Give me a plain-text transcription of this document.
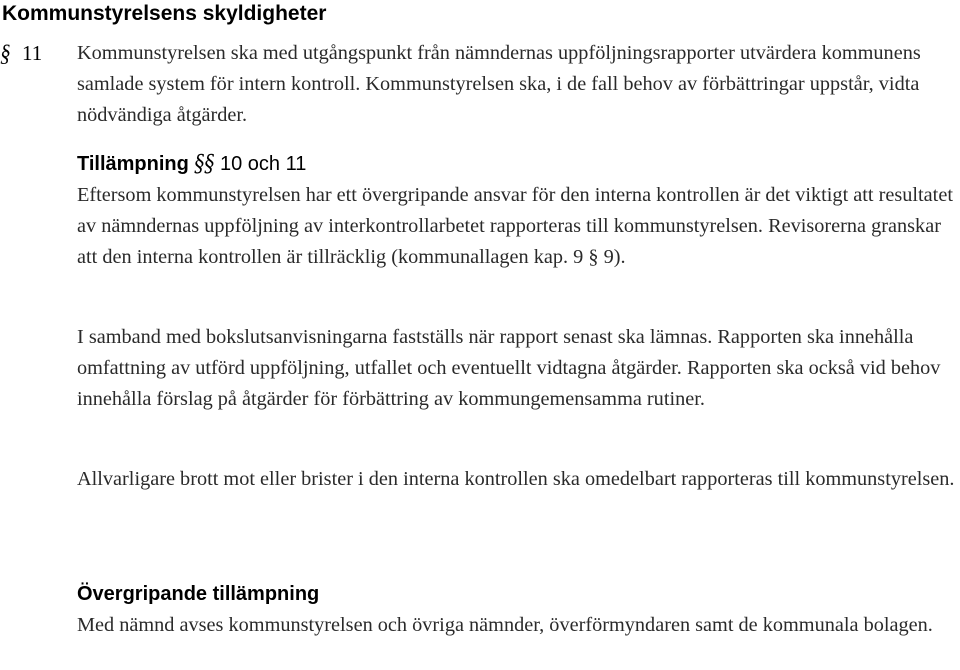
Kommunstyrelsens skyldigheter
§ 11 Kommunstyrelsen ska med utgångspunkt från nämndernas uppföljningsrapporter utvärdera kommunens samlade system för intern kontroll. Kommunstyrelsen ska, i de fall behov av förbättringar uppstår, vidta nödvändiga åtgärder.

Tillämpning §§ 10 och 11

Eftersom kommunstyrelsen har ett övergripande ansvar för den interna kontrollen är det viktigt att resultatet av nämndernas uppföljning av interkontrollarbetet rapporteras till kommunstyrelsen. Revisorerna granskar att den interna kontrollen är tillräcklig (kommunallagen kap. 9 § 9).

I samband med bokslutsanvisningarna fastställs när rapport senast ska lämnas. Rapporten ska innehålla omfattning av utförd uppföljning, utfallet och eventuellt vidtagna åtgärder. Rapporten ska också vid behov innehålla förslag på åtgärder för förbättring av kommungemensamma rutiner.

Allvarligare brott mot eller brister i den interna kontrollen ska omedelbart rapporteras till kommunstyrelsen.

Övergripande tillämpning

Med nämnd avses kommunstyrelsen och övriga nämnder, överförmyndaren samt de kommunala bolagen.
